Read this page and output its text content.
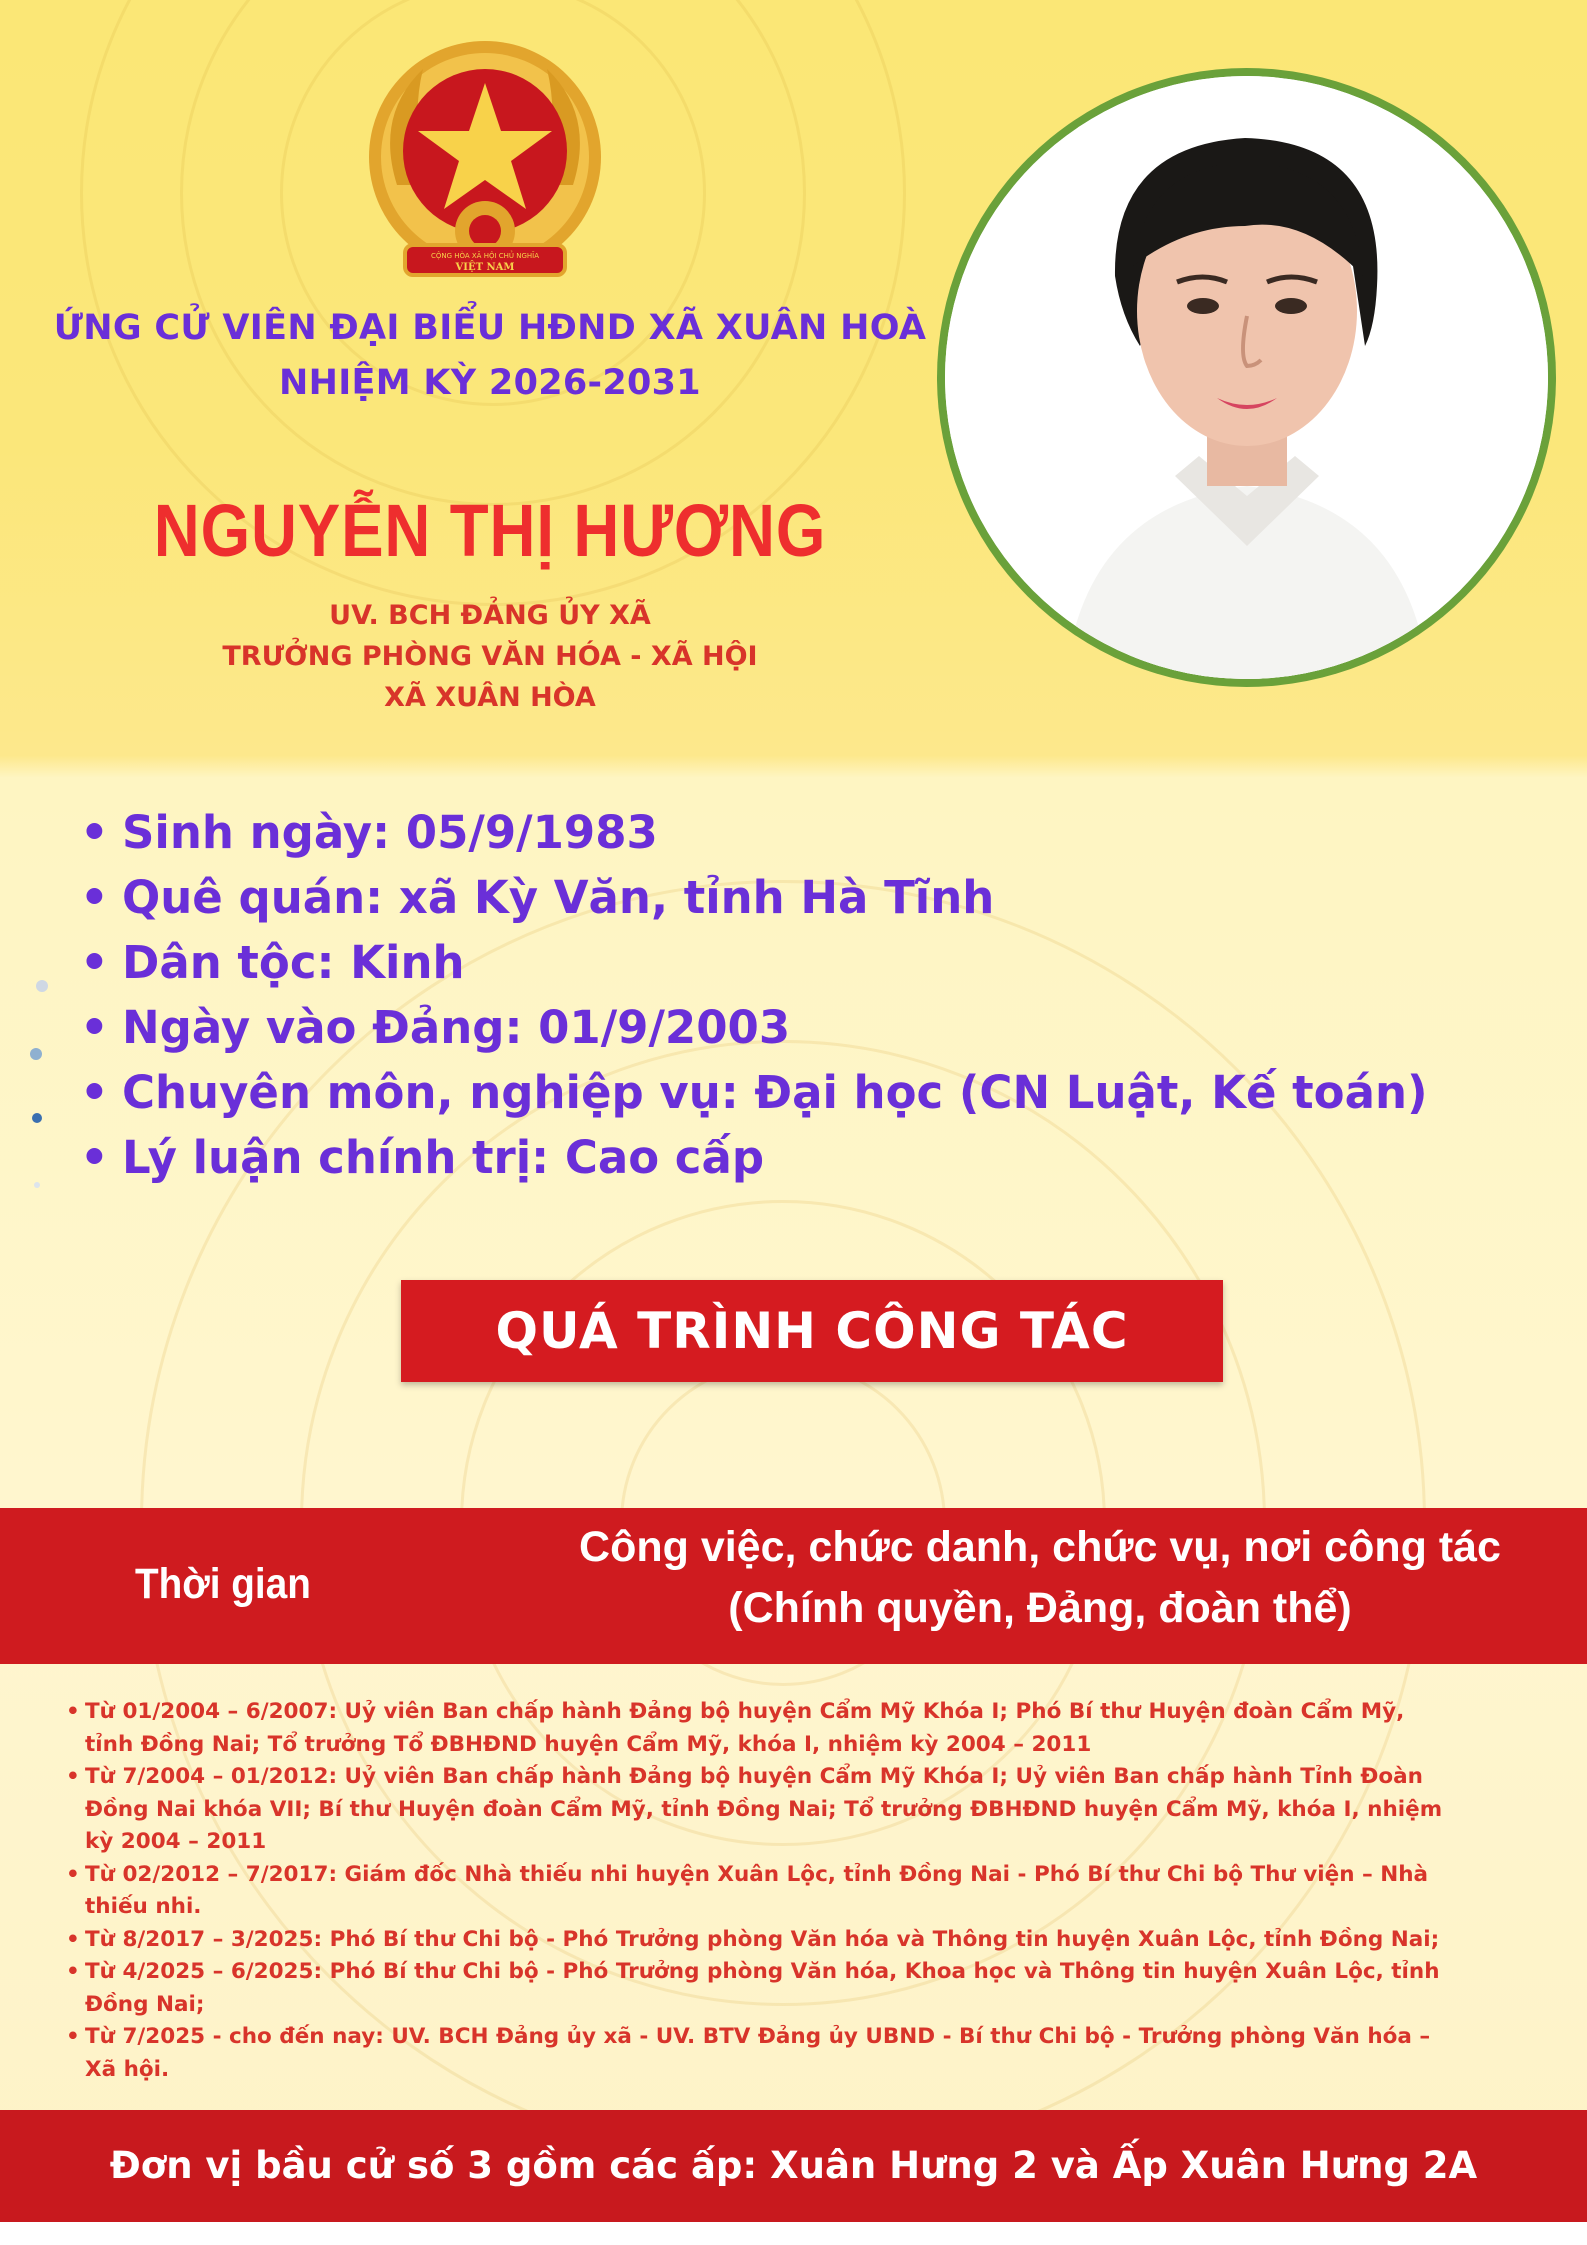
CỘNG HÒA XÃ HỘI CHỦ NGHĨA
VIỆT NAM
ỨNG CỬ VIÊN ĐẠI BIỂU HĐND XÃ XUÂN HOÀ
NHIỆM KỲ 2026-2031
NGUYỄN THỊ HƯƠNG
UV. BCH ĐẢNG ỦY XÃ
TRƯỞNG PHÒNG VĂN HÓA - XÃ HỘI
XÃ XUÂN HÒA
• Sinh ngày: 05/9/1983
• Quê quán: xã Kỳ Văn, tỉnh Hà Tĩnh
• Dân tộc: Kinh
• Ngày vào Đảng: 01/9/2003
• Chuyên môn, nghiệp vụ: Đại học (CN Luật, Kế toán)
• Lý luận chính trị: Cao cấp
QUÁ TRÌNH CÔNG TÁC
Thời gian
Công việc, chức danh, chức vụ, nơi công tác
(Chính quyền, Đảng, đoàn thể)
• Từ 01/2004 – 6/2007: Uỷ viên Ban chấp hành Đảng bộ huyện Cẩm Mỹ Khóa I; Phó Bí thư Huyện đoàn Cẩm Mỹ, tỉnh Đồng Nai; Tổ trưởng Tổ ĐBHĐND huyện Cẩm Mỹ, khóa I, nhiệm kỳ 2004 – 2011
• Từ 7/2004 – 01/2012: Uỷ viên Ban chấp hành Đảng bộ huyện Cẩm Mỹ Khóa I; Uỷ viên Ban chấp hành Tỉnh Đoàn Đồng Nai khóa VII; Bí thư Huyện đoàn Cẩm Mỹ, tỉnh Đồng Nai; Tổ trưởng ĐBHĐND huyện Cẩm Mỹ, khóa I, nhiệm kỳ 2004 – 2011
• Từ 02/2012 – 7/2017: Giám đốc Nhà thiếu nhi huyện Xuân Lộc, tỉnh Đồng Nai - Phó Bí thư Chi bộ Thư viện – Nhà thiếu nhi.
• Từ 8/2017 – 3/2025: Phó Bí thư Chi bộ - Phó Trưởng phòng Văn hóa và Thông tin huyện Xuân Lộc, tỉnh Đồng Nai;
• Từ 4/2025 – 6/2025: Phó Bí thư Chi bộ - Phó Trưởng phòng Văn hóa, Khoa học và Thông tin huyện Xuân Lộc, tỉnh Đồng Nai;
• Từ 7/2025 - cho đến nay: UV. BCH Đảng ủy xã - UV. BTV Đảng ủy UBND - Bí thư Chi bộ - Trưởng phòng Văn hóa – Xã hội.
Đơn vị bầu cử số 3 gồm các ấp: Xuân Hưng 2 và Ấp Xuân Hưng 2A
